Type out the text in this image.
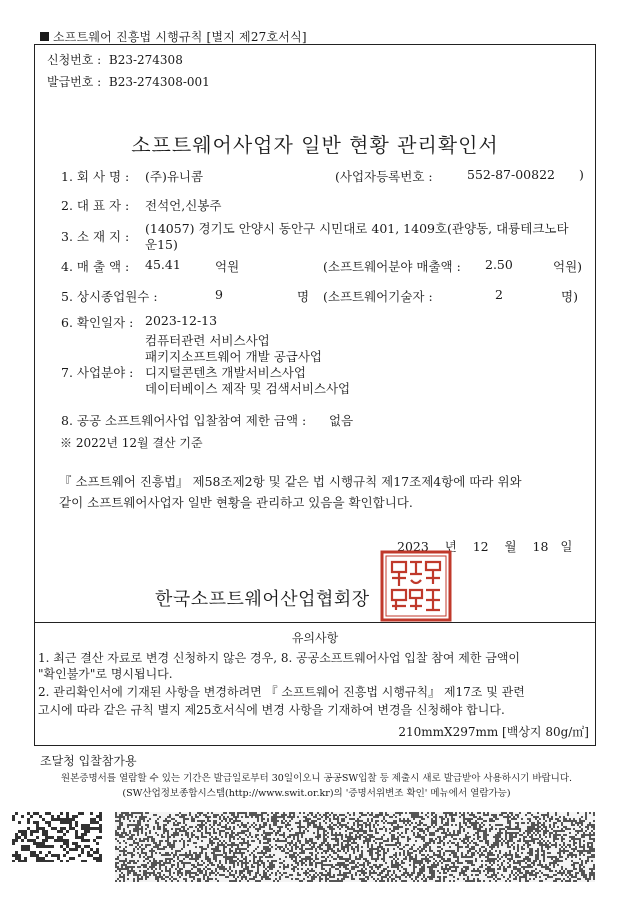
소프트웨어 진흥법 시행규칙 [별지 제27호서식]
신청번호 : B23-274308
발급번호 : B23-274308-001
소프트웨어사업자 일반 현황 관리확인서
1. 회 사 명 : (주)유니콤	(사업자등록번호 :	552-87-00822 )
2. 대 표 자 : 전석언,신봉주
3. 소 재 지 :
(14057) 경기도 안양시 동안구 시민대로 401, 1409호(관양동, 대륭테크노타
운15)
4. 매 출 액 : 45.41	억원	(소프트웨어분야 매출액 : 2.50	억원)
5. 상시종업원수 :	9	명 (소프트웨어기술자 :	2	명)
6. 확인일자 : 2023-12-13
7. 사업분야 :
컴퓨터관련 서비스사업
패키지소프트웨어 개발 공급사업
디지털콘텐츠 개발서비스사업
데이터베이스 제작 및 검색서비스사업
8. 공공 소프트웨어사업 입찰참여 제한 금액 : 없음
※ 2022년 12월 결산 기준
『 소프트웨어 진흥법』 제58조제2항 및 같은 법 시행규칙 제17조제4항에 따라 위와
같이 소프트웨어사업자 일반 현황을 관리하고 있음을 확인합니다.
2023 년 12 월 18 일
한국소프트웨어산업협회장
유의사항
1. 최근 결산 자료로 변경 신청하지 않은 경우, 8. 공공소프트웨어사업 입찰 참여 제한 금액이
"확인불가"로 명시됩니다.
2. 관리확인서에 기재된 사항을 변경하려면 『 소프트웨어 진흥법 시행규칙』 제17조 및 관련
고시에 따라 같은 규칙 별지 제25호서식에 변경 사항을 기재하여 변경을 신청해야 합니다.
210mmX297mm [백상지 80g/㎡]
조달청 입찰참가용
원본증명서를 열람할 수 있는 기간은 발급일로부터 30일이오니 공공SW입찰 등 제출시 새로 발급받아 사용하시기 바랍니다.
(SW산업정보종합시스템(http://www.swit.or.kr)의 '증명서위변조 확인' 메뉴에서 열람가능)
